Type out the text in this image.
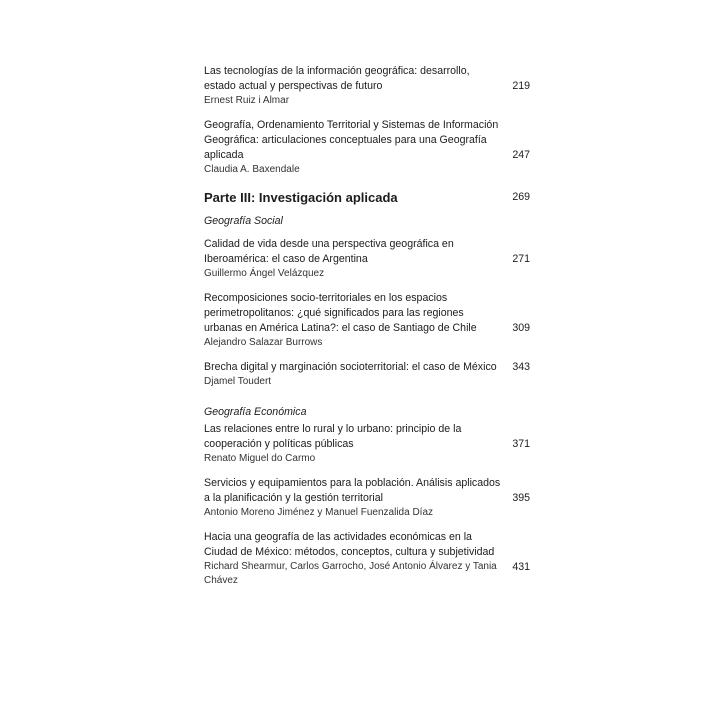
219
Las tecnologías de la información geográfica: desarrollo, estado actual y perspectivas de futuro
Ernest Ruiz i Almar
247
Geografía, Ordenamiento Territorial y Sistemas de Información Geográfica: articulaciones conceptuales para una Geografía aplicada
Claudia A. Baxendale
Parte III: Investigación aplicada	269
Geografía Social
271
Calidad de vida desde una perspectiva geográfica en Iberoamérica: el caso de Argentina
Guillermo Ángel Velázquez
309
Recomposiciones socio-territoriales en los espacios perimetropolitanos: ¿qué significados para las regiones urbanas en América Latina?: el caso de Santiago de Chile
Alejandro Salazar Burrows
343
Brecha digital y marginación socioterritorial: el caso de México
Djamel Toudert
Geografía Económica
371
Las relaciones entre lo rural y lo urbano: principio de la cooperación y políticas públicas
Renato Miguel do Carmo
395
Servicios y equipamientos para la población. Análisis aplicados a la planificación y la gestión territorial
Antonio Moreno Jiménez y Manuel Fuenzalida Díaz
431
Hacia una geografía de las actividades económicas en la Ciudad de México: métodos, conceptos, cultura y subjetividad
Richard Shearmur, Carlos Garrocho, José Antonio Álvarez y Tania Chávez
